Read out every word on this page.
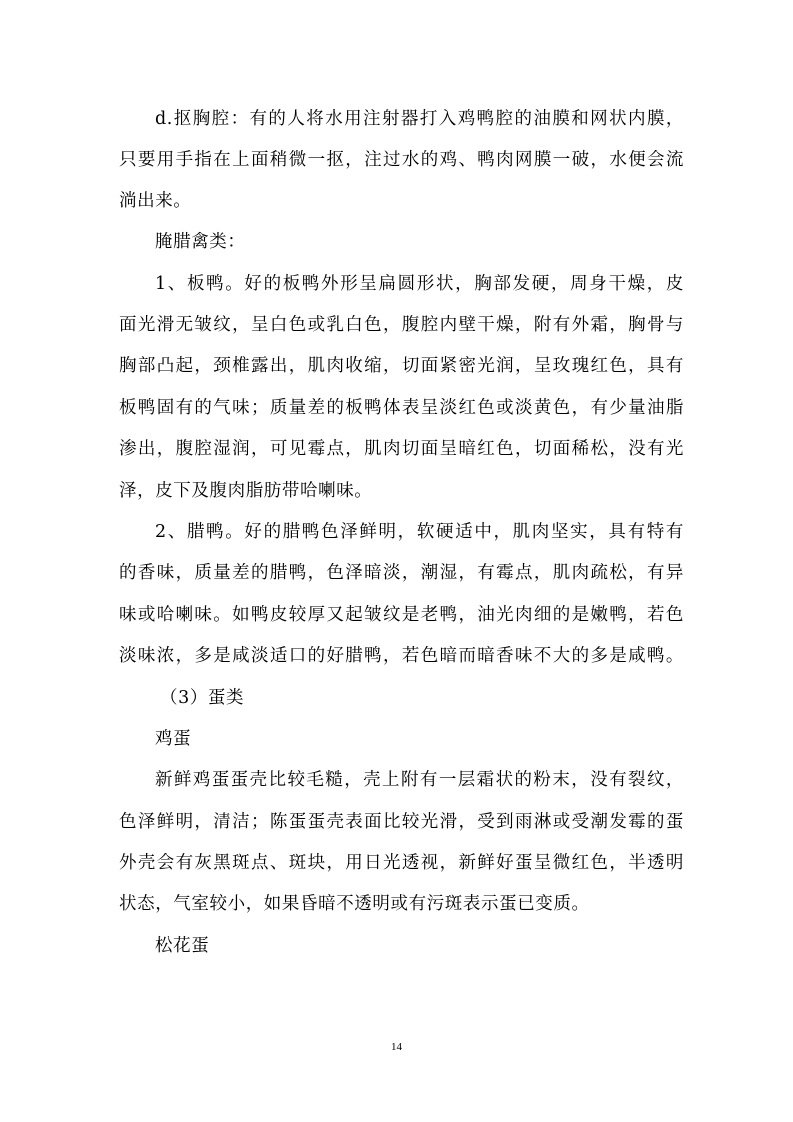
d.抠胸腔：有的人将水用注射器打入鸡鸭腔的油膜和网状内膜，
只要用手指在上面稍微一抠，注过水的鸡、鸭肉网膜一破，水便会流
淌出来。
腌腊禽类：
1、板鸭。好的板鸭外形呈扁圆形状，胸部发硬，周身干燥，皮
面光滑无皱纹，呈白色或乳白色，腹腔内壁干燥，附有外霜，胸骨与
胸部凸起，颈椎露出，肌肉收缩，切面紧密光润，呈玫瑰红色，具有
板鸭固有的气味；质量差的板鸭体表呈淡红色或淡黄色，有少量油脂
渗出，腹腔湿润，可见霉点，肌肉切面呈暗红色，切面稀松，没有光
泽，皮下及腹肉脂肪带哈喇味。
2、腊鸭。好的腊鸭色泽鲜明，软硬适中，肌肉坚实，具有特有
的香味，质量差的腊鸭，色泽暗淡，潮湿，有霉点，肌肉疏松，有异
味或哈喇味。如鸭皮较厚又起皱纹是老鸭，油光肉细的是嫩鸭，若色
淡味浓，多是咸淡适口的好腊鸭，若色暗而暗香味不大的多是咸鸭。
（3）蛋类
鸡蛋
新鲜鸡蛋蛋壳比较毛糙，壳上附有一层霜状的粉末，没有裂纹，
色泽鲜明，清洁；陈蛋蛋壳表面比较光滑，受到雨淋或受潮发霉的蛋
外壳会有灰黑斑点、斑块，用日光透视，新鲜好蛋呈微红色，半透明
状态，气室较小，如果昏暗不透明或有污斑表示蛋已变质。
松花蛋
14
